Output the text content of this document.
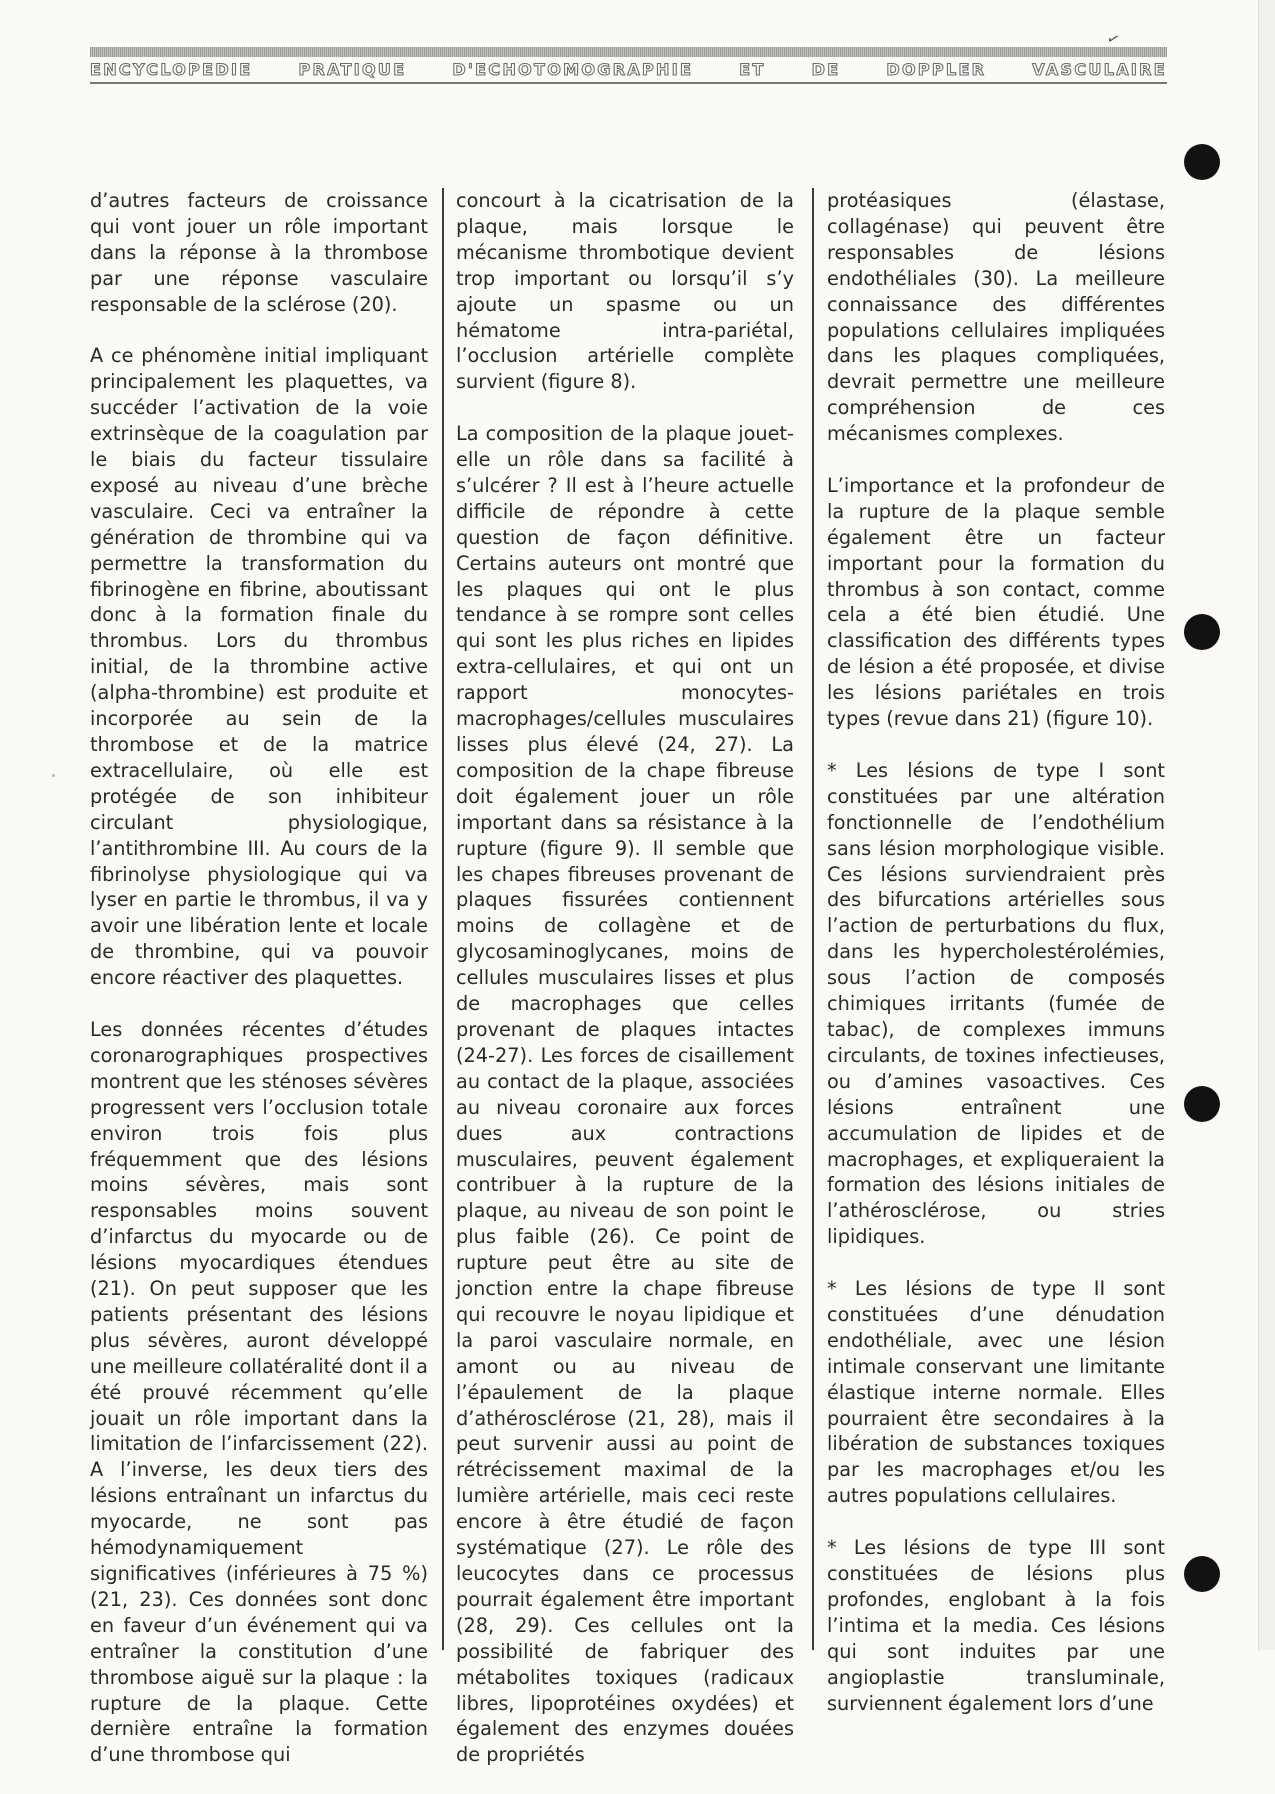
ENCYCLOPEDIE PRATIQUE D'ECHOTOMOGRAPHIE ET DE DOPPLER VASCULAIRE
✓

d’autres facteurs de croissance qui vont jouer un rôle important dans la réponse à la thrombose par une réponse vasculaire responsable de la sclérose (20).

A ce phénomène initial impliquant principalement les plaquettes, va succéder l’activation de la voie extrinsèque de la coagulation par le biais du facteur tissulaire exposé au niveau d’une brèche vasculaire. Ceci va entraîner la génération de thrombine qui va permettre la transformation du fibrinogène en fibrine, aboutissant donc à la formation finale du thrombus. Lors du thrombus initial, de la thrombine active (alpha-thrombine) est produite et incorporée au sein de la thrombose et de la matrice extracellulaire, où elle est protégée de son inhibiteur circulant physiologique, l’antithrombine III. Au cours de la fibrinolyse physiologique qui va lyser en partie le thrombus, il va y avoir une libération lente et locale de thrombine, qui va pouvoir encore réactiver des plaquettes.

Les données récentes d’études coronarographiques prospectives montrent que les sténoses sévères progressent vers l’occlusion totale environ trois fois plus fréquemment que des lésions moins sévères, mais sont responsables moins souvent d’infarctus du myocarde ou de lésions myocardiques étendues (21). On peut supposer que les patients présentant des lésions plus sévères, auront développé une meilleure collatéralité dont il a été prouvé récemment qu’elle jouait un rôle important dans la limitation de l’infarcissement (22). A l’inverse, les deux tiers des lésions entraînant un infarctus du myocarde, ne sont pas hémodynamiquement significatives (inférieures à 75 %) (21, 23). Ces données sont donc en faveur d’un événement qui va entraîner la constitution d’une thrombose aiguë sur la plaque : la rupture de la plaque. Cette dernière entraîne la formation d’une thrombose qui

concourt à la cicatrisation de la plaque, mais lorsque le mécanisme thrombotique devient trop important ou lorsqu’il s’y ajoute un spasme ou un hématome intra-pariétal, l’occlusion artérielle complète survient (figure 8).

La composition de la plaque jouet-elle un rôle dans sa facilité à s’ulcérer ? Il est à l’heure actuelle difficile de répondre à cette question de façon définitive. Certains auteurs ont montré que les plaques qui ont le plus tendance à se rompre sont celles qui sont les plus riches en lipides extra-cellulaires, et qui ont un rapport monocytes-macrophages/cellules musculaires lisses plus élevé (24, 27). La composition de la chape fibreuse doit également jouer un rôle important dans sa résistance à la rupture (figure 9). Il semble que les chapes fibreuses provenant de plaques fissurées contiennent moins de collagène et de glycosaminoglycanes, moins de cellules musculaires lisses et plus de macrophages que celles provenant de plaques intactes (24-27). Les forces de cisaillement au contact de la plaque, associées au niveau coronaire aux forces dues aux contractions musculaires, peuvent également contribuer à la rupture de la plaque, au niveau de son point le plus faible (26). Ce point de rupture peut être au site de jonction entre la chape fibreuse qui recouvre le noyau lipidique et la paroi vasculaire normale, en amont ou au niveau de l’épaulement de la plaque d’athérosclérose (21, 28), mais il peut survenir aussi au point de rétrécissement maximal de la lumière artérielle, mais ceci reste encore à être étudié de façon systématique (27). Le rôle des leucocytes dans ce processus pourrait également être important (28, 29). Ces cellules ont la possibilité de fabriquer des métabolites toxiques (radicaux libres, lipoprotéines oxydées) et également des enzymes douées de propriétés

protéasiques (élastase, collagénase) qui peuvent être responsables de lésions endothéliales (30). La meilleure connaissance des différentes populations cellulaires impliquées dans les plaques compliquées, devrait permettre une meilleure compréhension de ces mécanismes complexes.

L’importance et la profondeur de la rupture de la plaque semble également être un facteur important pour la formation du thrombus à son contact, comme cela a été bien étudié. Une classification des différents types de lésion a été proposée, et divise les lésions pariétales en trois types (revue dans 21) (figure 10).

* Les lésions de type I sont constituées par une altération fonctionnelle de l’endothélium sans lésion morphologique visible. Ces lésions surviendraient près des bifurcations artérielles sous l’action de perturbations du flux, dans les hypercholestérolémies, sous l’action de composés chimiques irritants (fumée de tabac), de complexes immuns circulants, de toxines infectieuses, ou d’amines vasoactives. Ces lésions entraînent une accumulation de lipides et de macrophages, et expliqueraient la formation des lésions initiales de l’athérosclérose, ou stries lipidiques.

* Les lésions de type II sont constituées d’une dénudation endothéliale, avec une lésion intimale conservant une limitante élastique interne normale. Elles pourraient être secondaires à la libération de substances toxiques par les macrophages et/ou les autres populations cellulaires.

* Les lésions de type III sont constituées de lésions plus profondes, englobant à la fois l’intima et la media. Ces lésions qui sont induites par une angioplastie transluminale, surviennent également lors d’une
